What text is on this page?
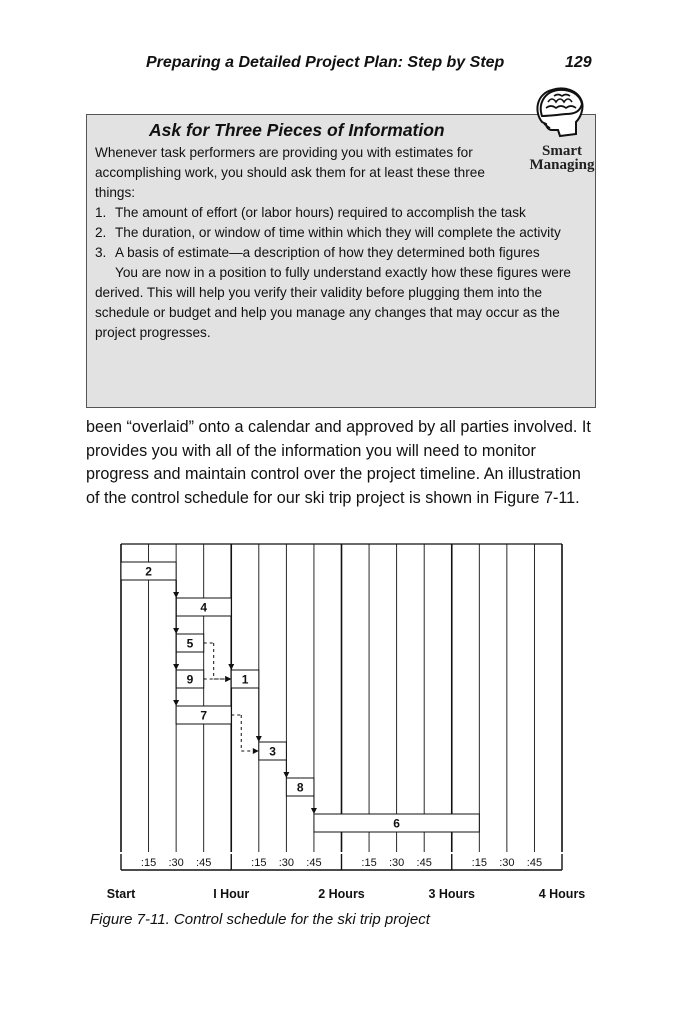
Preparing a Detailed Project Plan: Step by Step	129
Ask for Three Pieces of Information

Whenever task performers are providing you with estimates for accomplishing work, you should ask them for at least these three things:

1. The amount of effort (or labor hours) required to accomplish the task
2. The duration, or window of time within which they will complete the activity
3. A basis of estimate—a description of how they determined both figures

You are now in a position to fully understand exactly how these figures were derived. This will help you verify their validity before plugging them into the schedule or budget and help you manage any changes that may occur as the project progresses.

Smart
Managing
been “overlaid” onto a calendar and approved by all parties involved. It provides you with all of the information you will need to monitor progress and maintain control over the project timeline. An illustration of the control schedule for our ski trip project is shown in Figure 7-11.
:15 :30 :45	:15 :30 :45	:15 :30 :45	:15 :30 :45
Start	I Hour	2 Hours	3 Hours	4 Hours
2
4
5
9	1
7
3
8
6
Figure 7-11. Control schedule for the ski trip project
